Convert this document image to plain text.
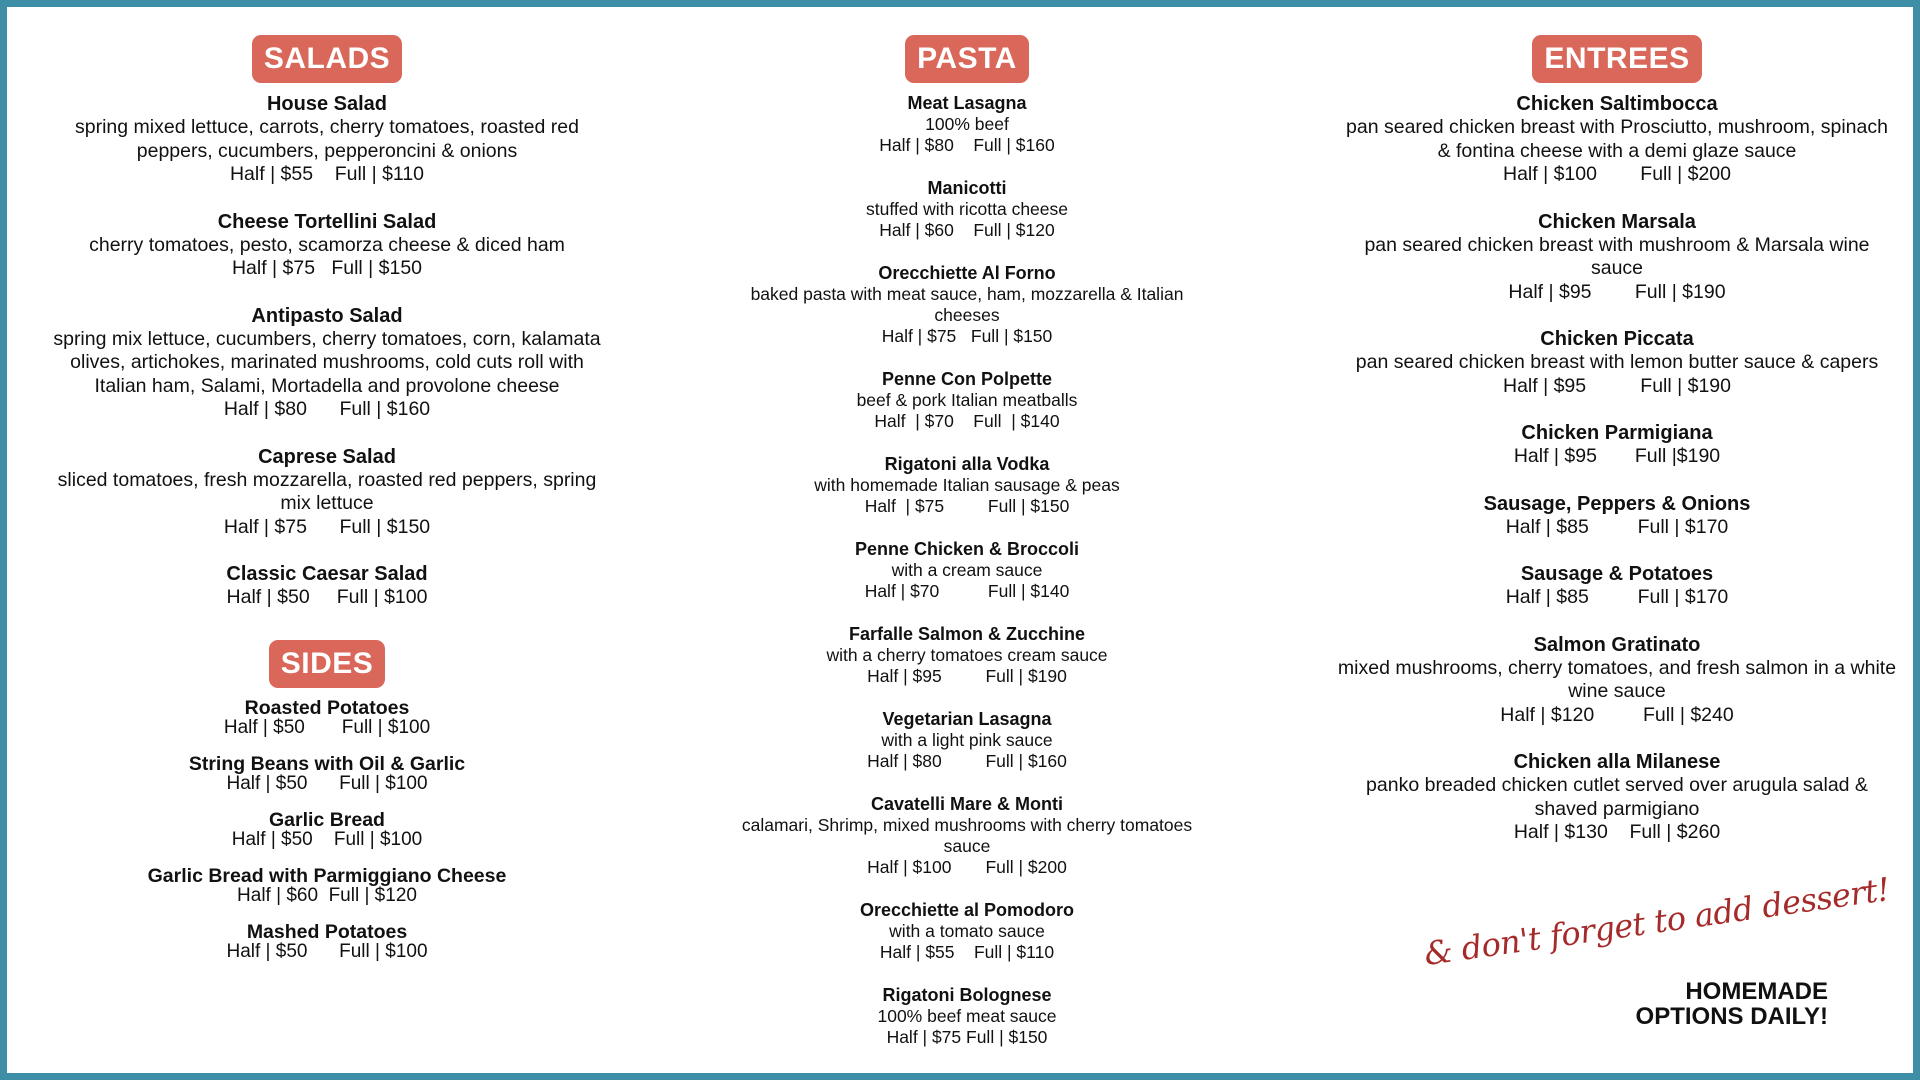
SALADS
House Salad
spring mixed lettuce, carrots, cherry tomatoes, roasted red peppers, cucumbers, pepperoncini & onions
Half | $55    Full | $110
Cheese Tortellini Salad
cherry tomatoes, pesto, scamorza cheese & diced ham
Half | $75   Full | $150
Antipasto Salad
spring mix lettuce, cucumbers, cherry tomatoes, corn, kalamata olives, artichokes, marinated mushrooms, cold cuts roll with Italian ham, Salami, Mortadella and provolone cheese
Half | $80      Full | $160
Caprese Salad
sliced tomatoes, fresh mozzarella, roasted red peppers, spring mix lettuce
Half | $75      Full | $150
Classic Caesar Salad
Half | $50     Full | $100
SIDES
Roasted Potatoes
Half | $50       Full | $100
String Beans with Oil & Garlic
Half | $50      Full | $100
Garlic Bread
Half | $50    Full | $100
Garlic Bread with Parmiggiano Cheese
Half | $60  Full | $120
Mashed Potatoes
Half | $50      Full | $100
PASTA
Meat Lasagna
100% beef
Half | $80    Full | $160
Manicotti
stuffed with ricotta cheese
Half | $60    Full | $120
Orecchiette Al Forno
baked pasta with meat sauce, ham, mozzarella & Italian cheeses
Half | $75   Full | $150
Penne Con Polpette
beef & pork Italian meatballs
Half  | $70    Full  | $140
Rigatoni alla Vodka
with homemade Italian sausage & peas
Half  | $75         Full | $150
Penne Chicken & Broccoli
with a cream sauce
Half | $70          Full | $140
Farfalle Salmon & Zucchine
with a cherry tomatoes cream sauce
Half | $95         Full | $190
Vegetarian Lasagna
with a light pink sauce
Half | $80         Full | $160
Cavatelli Mare & Monti
calamari, Shrimp, mixed mushrooms with cherry tomatoes sauce
Half | $100       Full | $200
Orecchiette al Pomodoro
with a tomato sauce
Half | $55    Full | $110
Rigatoni Bolognese
100% beef meat sauce
Half | $75 Full | $150
ENTREES
Chicken Saltimbocca
pan seared chicken breast with Prosciutto, mushroom, spinach & fontina cheese with a demi glaze sauce
Half | $100        Full | $200
Chicken Marsala
pan seared chicken breast with mushroom & Marsala wine sauce
Half | $95        Full | $190
Chicken Piccata
pan seared chicken breast with lemon butter sauce & capers
Half | $95          Full | $190
Chicken Parmigiana
Half | $95       Full |$190
Sausage, Peppers & Onions
Half | $85         Full | $170
Sausage & Potatoes
Half | $85         Full | $170
Salmon Gratinato
mixed mushrooms, cherry tomatoes, and fresh salmon in a white wine sauce
Half | $120         Full | $240
Chicken alla Milanese
panko breaded chicken cutlet served over arugula salad & shaved parmigiano
Half | $130    Full | $260
& don't forget to add dessert!
HOMEMADE
OPTIONS DAILY!
